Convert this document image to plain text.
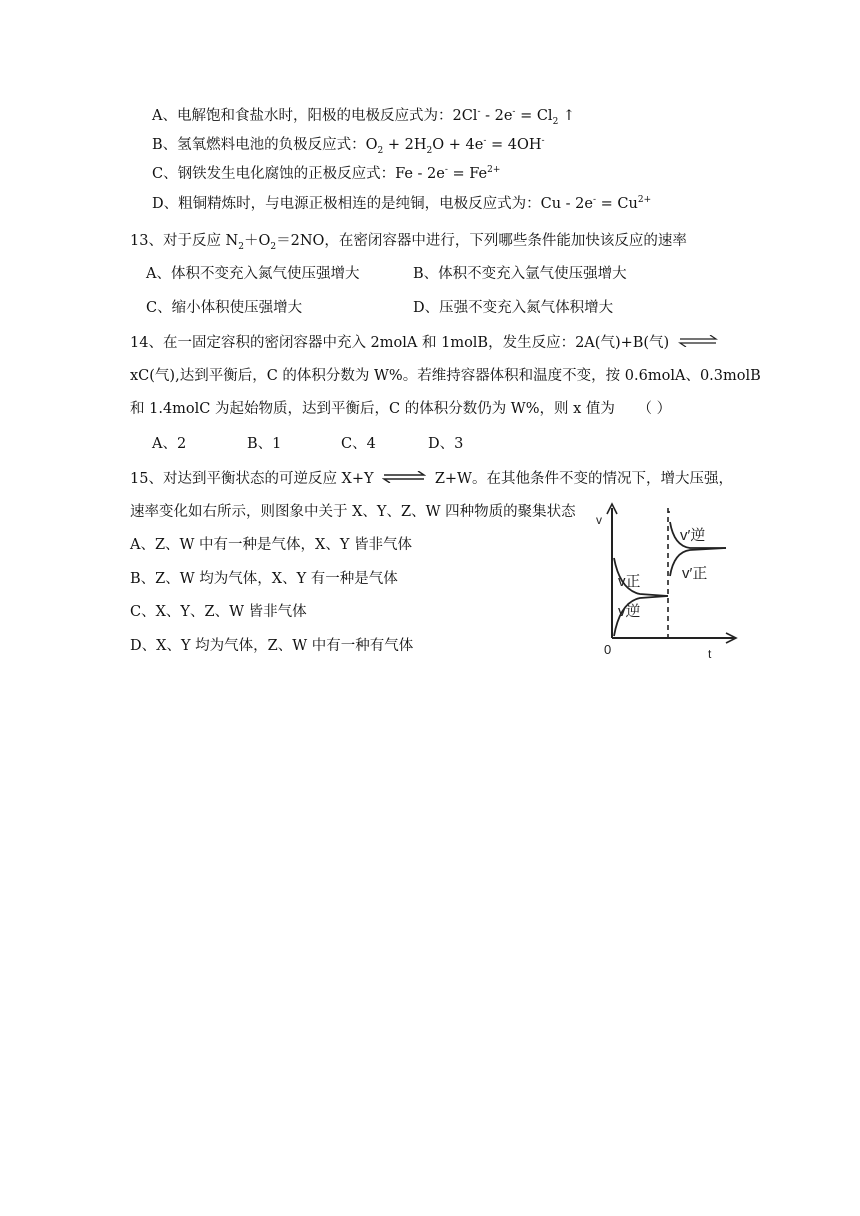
A、电解饱和食盐水时，阳极的电极反应式为：$2Cl^- - 2e^- = Cl_2$ ↑
B、氢氧燃料电池的负极反应式：$O_2 + 2H_2O + 4e^- = 4OH^-$
C、钢铁发生电化腐蚀的正极反应式：$Fe - 2e^- = Fe^{2+}$
D、粗铜精炼时，与电源正极相连的是纯铜，电极反应式为：$Cu - 2e^- = Cu^{2+}$
13、对于反应 $N_2+O_2=2NO$，在密闭容器中进行，下列哪些条件能加快该反应的速率
A、体积不变充入氮气使压强增大	B、体积不变充入氩气使压强增大
C、缩小体积使压强增大	D、压强不变充入氮气体积增大
14、在一固定容积的密闭容器中充入 2molA 和 1molB，发生反应：2A(气)+B(气) ⇌
xC(气),达到平衡后，C 的体积分数为 W%。若维持容器体积和温度不变，按 0.6molA、0.3molB
和 1.4molC 为起始物质，达到平衡后，C 的体积分数仍为 W%，则 x 值为 （ ）
A、2	B、1	C、4	D、3
15、对达到平衡状态的可逆反应 X+Y ⇌ Z+W。在其他条件不变的情况下，增大压强，
速率变化如右所示，则图象中关于 X、Y、Z、W 四种物质的聚集状态
A、Z、W 中有一种是气体，X、Y 皆非气体
B、Z、W 均为气体，X、Y 有一种是气体
C、X、Y、Z、W 皆非气体
D、X、Y 均为气体，Z、W 中有一种有气体
v
t
0
v正
v逆
v′逆
v′正
